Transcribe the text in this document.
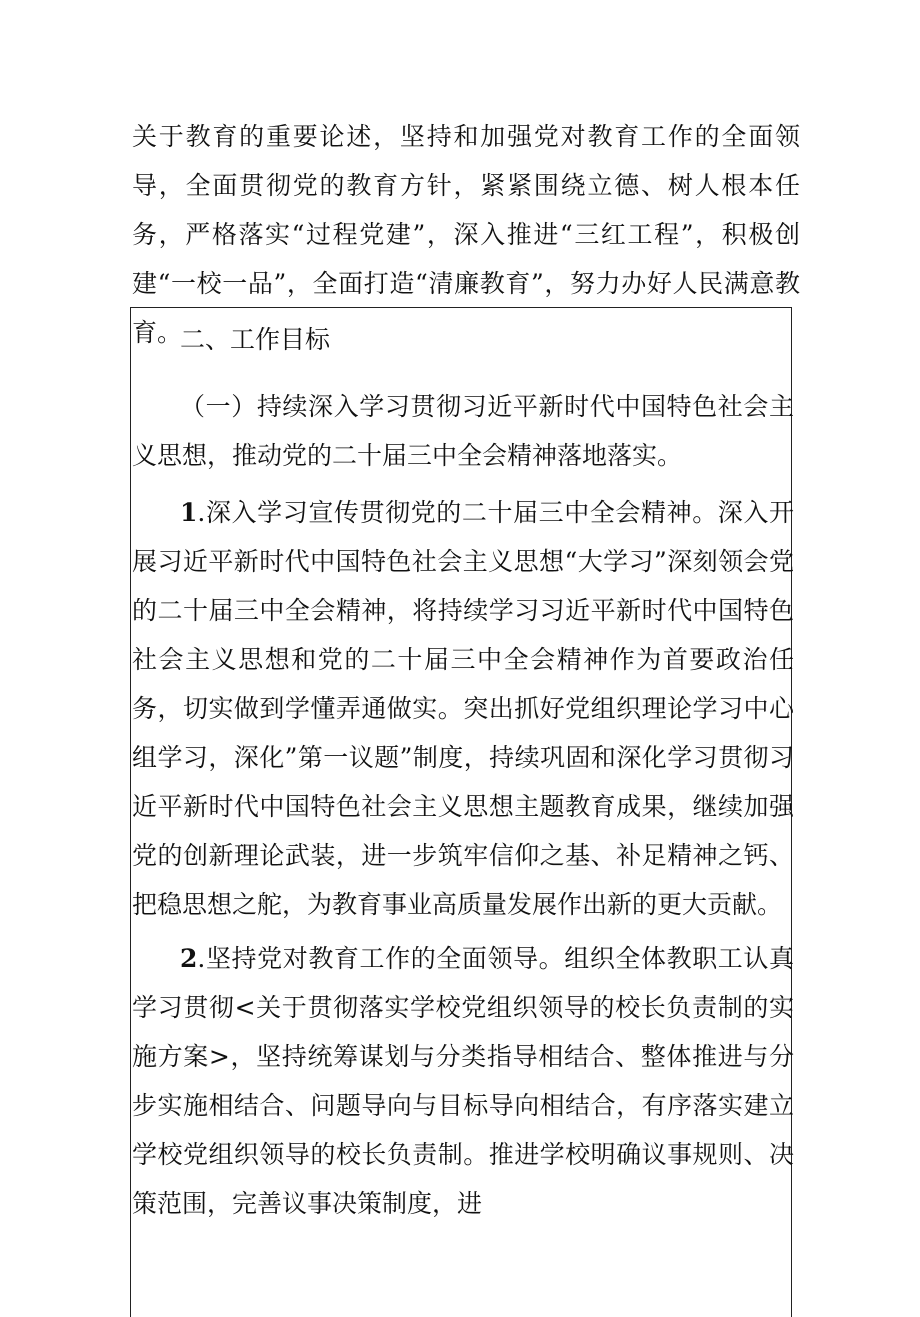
关于教育的重要论述，坚持和加强党对教育工作的全面领导，全面贯彻党的教育方针，紧紧围绕立德、树人根本任务，严格落实“过程党建”，深入推进“三红工程”，积极创建“一校一品”，全面打造“清廉教育”，努力办好人民满意教育。

二、工作目标

（一）持续深入学习贯彻习近平新时代中国特色社会主义思想，推动党的二十届三中全会精神落地落实。

1.深入学习宣传贯彻党的二十届三中全会精神。深入开展习近平新时代中国特色社会主义思想“大学习”深刻领会党的二十届三中全会精神，将持续学习习近平新时代中国特色社会主义思想和党的二十届三中全会精神作为首要政治任务，切实做到学懂弄通做实。突出抓好党组织理论学习中心组学习，深化”第一议题”制度，持续巩固和深化学习贯彻习近平新时代中国特色社会主义思想主题教育成果，继续加强党的创新理论武装，进一步筑牢信仰之基、补足精神之钙、把稳思想之舵，为教育事业高质量发展作出新的更大贡献。

2.坚持党对教育工作的全面领导。组织全体教职工认真学习贯彻<关于贯彻落实学校党组织领导的校长负责制的实施方案>，坚持统筹谋划与分类指导相结合、整体推进与分步实施相结合、问题导向与目标导向相结合，有序落实建立学校党组织领导的校长负责制。推进学校明确议事规则、决策范围，完善议事决策制度，进
